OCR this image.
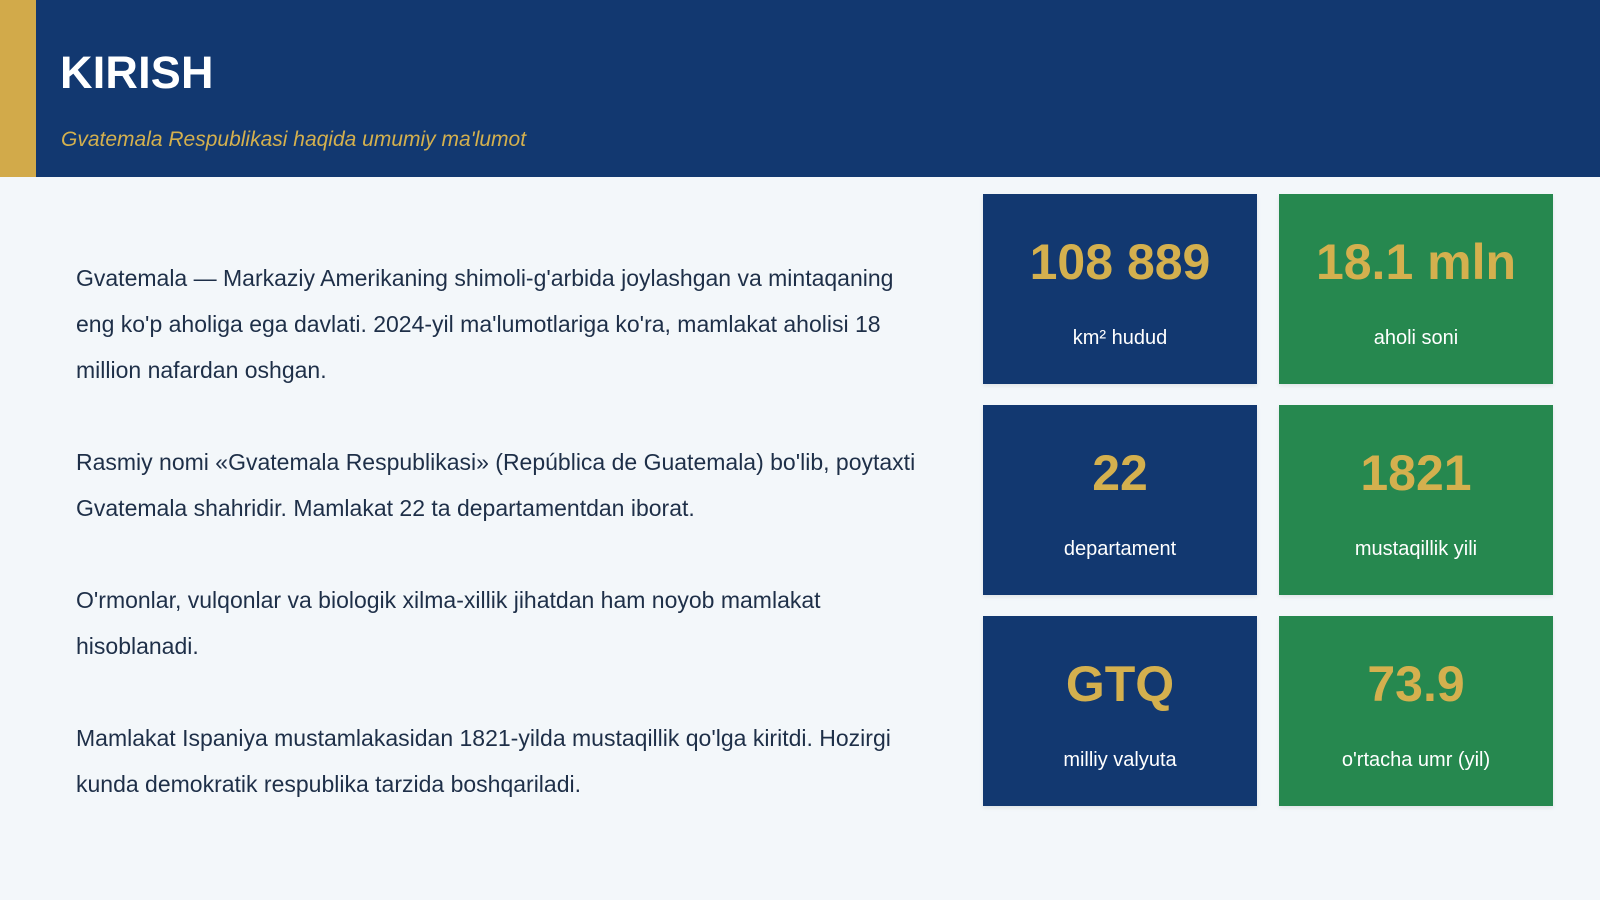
KIRISH

Gvatemala Respublikasi haqida umumiy ma'lumot

Gvatemala — Markaziy Amerikaning shimoli-g'arbida joylashgan va mintaqaning eng ko'p aholiga ega davlati. 2024-yil ma'lumotlariga ko'ra, mamlakat aholisi 18 million nafardan oshgan.

Rasmiy nomi «Gvatemala Respublikasi» (República de Guatemala) bo'lib, poytaxti Gvatemala shahridir. Mamlakat 22 ta departamentdan iborat.

O'rmonlar, vulqonlar va biologik xilma-xillik jihatdan ham noyob mamlakat hisoblanadi.

Mamlakat Ispaniya mustamlakasidan 1821-yilda mustaqillik qo'lga kiritdi. Hozirgi kunda demokratik respublika tarzida boshqariladi.

108 889
km² hudud
18.1 mln
aholi soni
22
departament
1821
mustaqillik yili
GTQ
milliy valyuta
73.9
o'rtacha umr (yil)
